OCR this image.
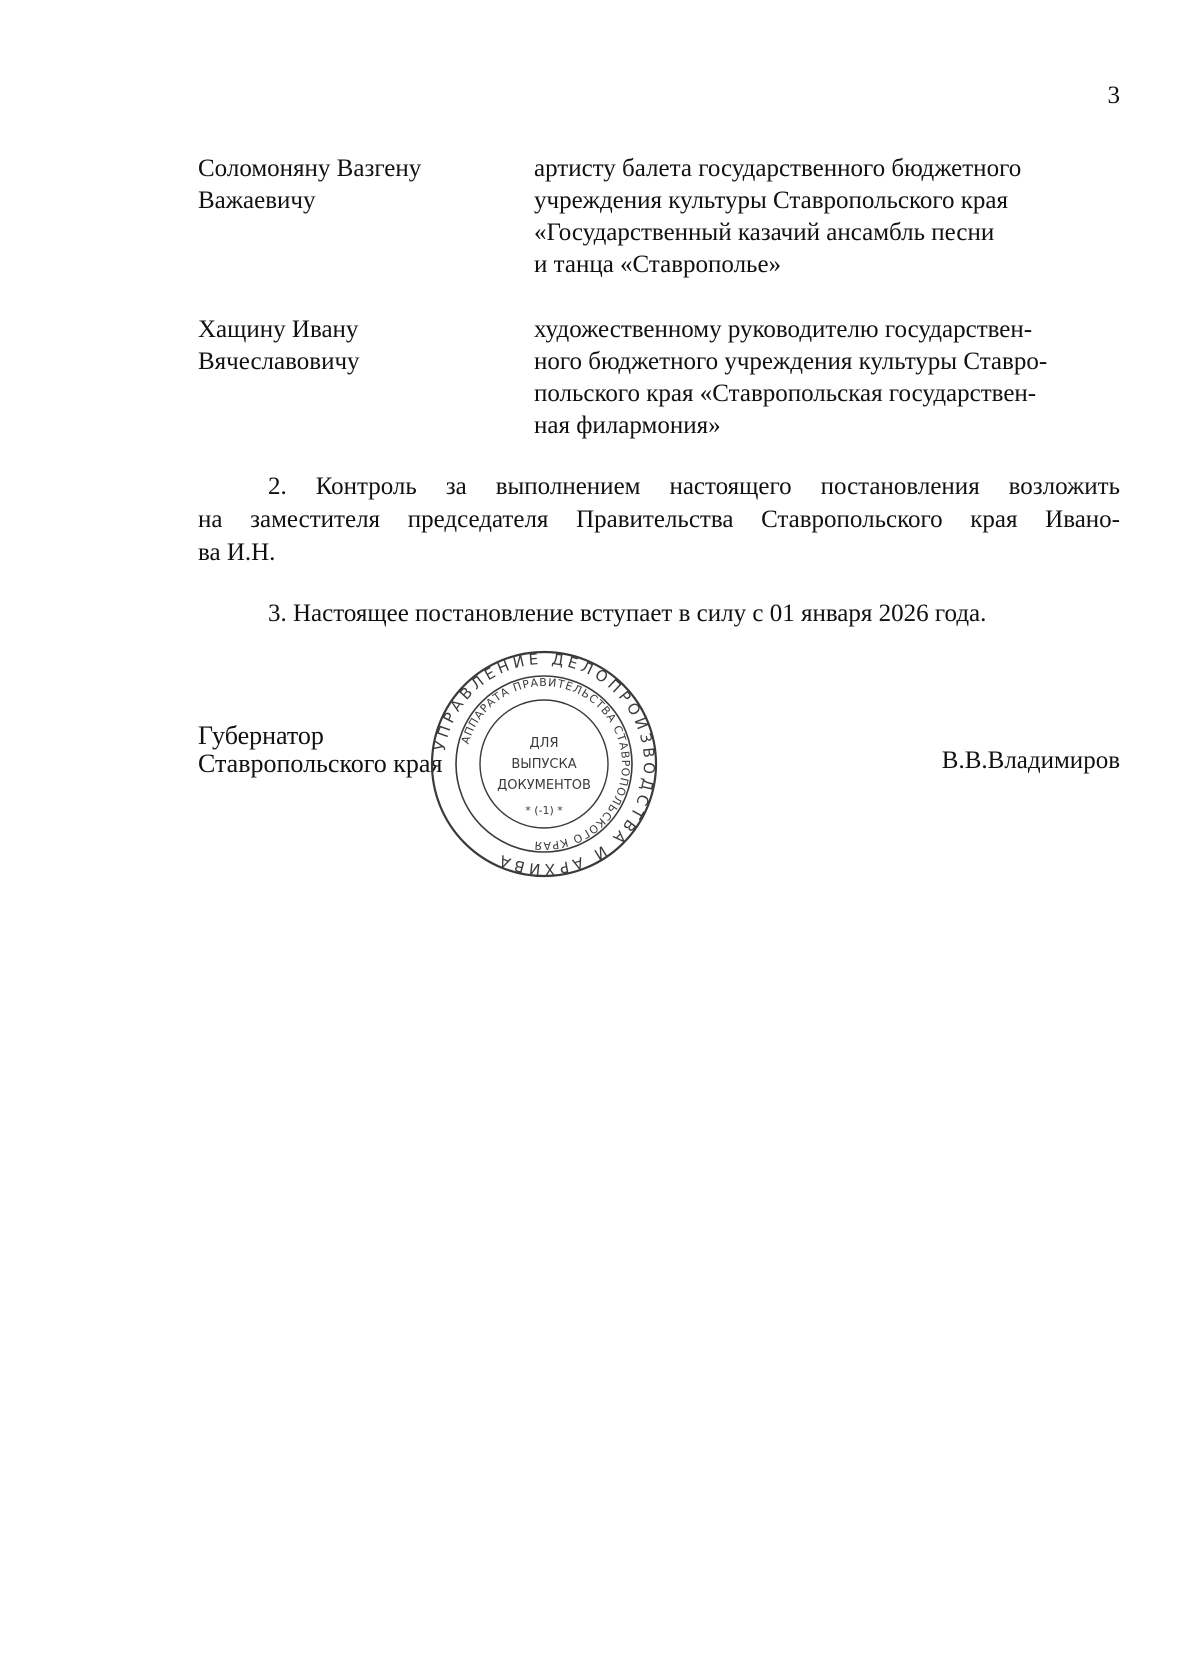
3
Соломоняну Вазгену
Важаевичу
артисту балета государственного бюджетного
учреждения культуры Ставропольского края
«Государственный казачий ансамбль песни
и танца «Ставрополье»
Хащину Ивану
Вячеславовичу
художественному руководителю государствен-
ного бюджетного учреждения культуры Ставро-
польского края «Ставропольская государствен-
ная филармония»
2. Контроль за выполнением настоящего постановления возложить
на заместителя председателя Правительства Ставропольского края Ивано-
ва И.Н.
3. Настоящее постановление вступает в силу с 01 января 2026 года.
Губернатор
Ставропольского края	В.В.Владимиров
УПРАВЛЕНИЕ ДЕЛОПРОИЗВОДСТВА И АРХИВА
АППАРАТА ПРАВИТЕЛЬСТВА СТАВРОПОЛЬСКОГО КРАЯ
ДЛЯ
ВЫПУСКА
ДОКУМЕНТОВ
* (-1) *
